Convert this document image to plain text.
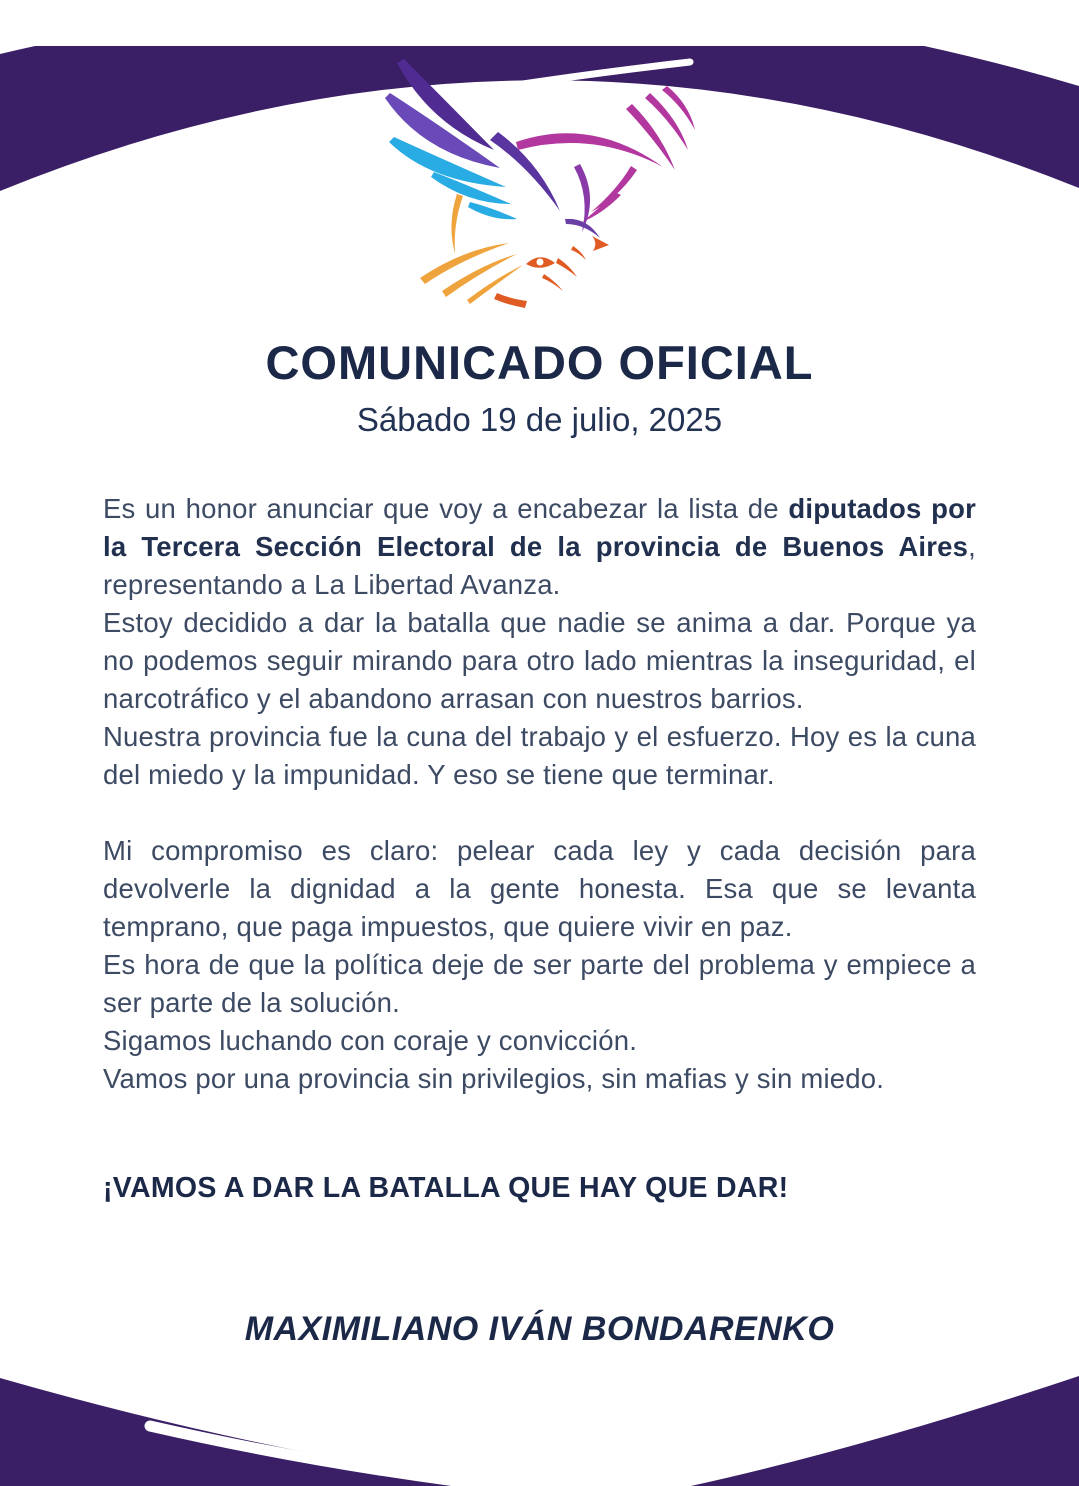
COMUNICADO OFICIAL
Sábado 19 de julio, 2025

Es un honor anunciar que voy a encabezar la lista de diputados por la Tercera Sección Electoral de la provincia de Buenos Aires, representando a La Libertad Avanza.

Estoy decidido a dar la batalla que nadie se anima a dar. Porque ya no podemos seguir mirando para otro lado mientras la inseguridad, el narcotráfico y el abandono arrasan con nuestros barrios.

Nuestra provincia fue la cuna del trabajo y el esfuerzo. Hoy es la cuna del miedo y la impunidad. Y eso se tiene que terminar.

Mi compromiso es claro: pelear cada ley y cada decisión para devolverle la dignidad a la gente honesta. Esa que se levanta temprano, que paga impuestos, que quiere vivir en paz.

Es hora de que la política deje de ser parte del problema y empiece a ser parte de la solución.

Sigamos luchando con coraje y convicción.

Vamos por una provincia sin privilegios, sin mafias y sin miedo.

¡VAMOS A DAR LA BATALLA QUE HAY QUE DAR!
MAXIMILIANO IVÁN BONDARENKO
